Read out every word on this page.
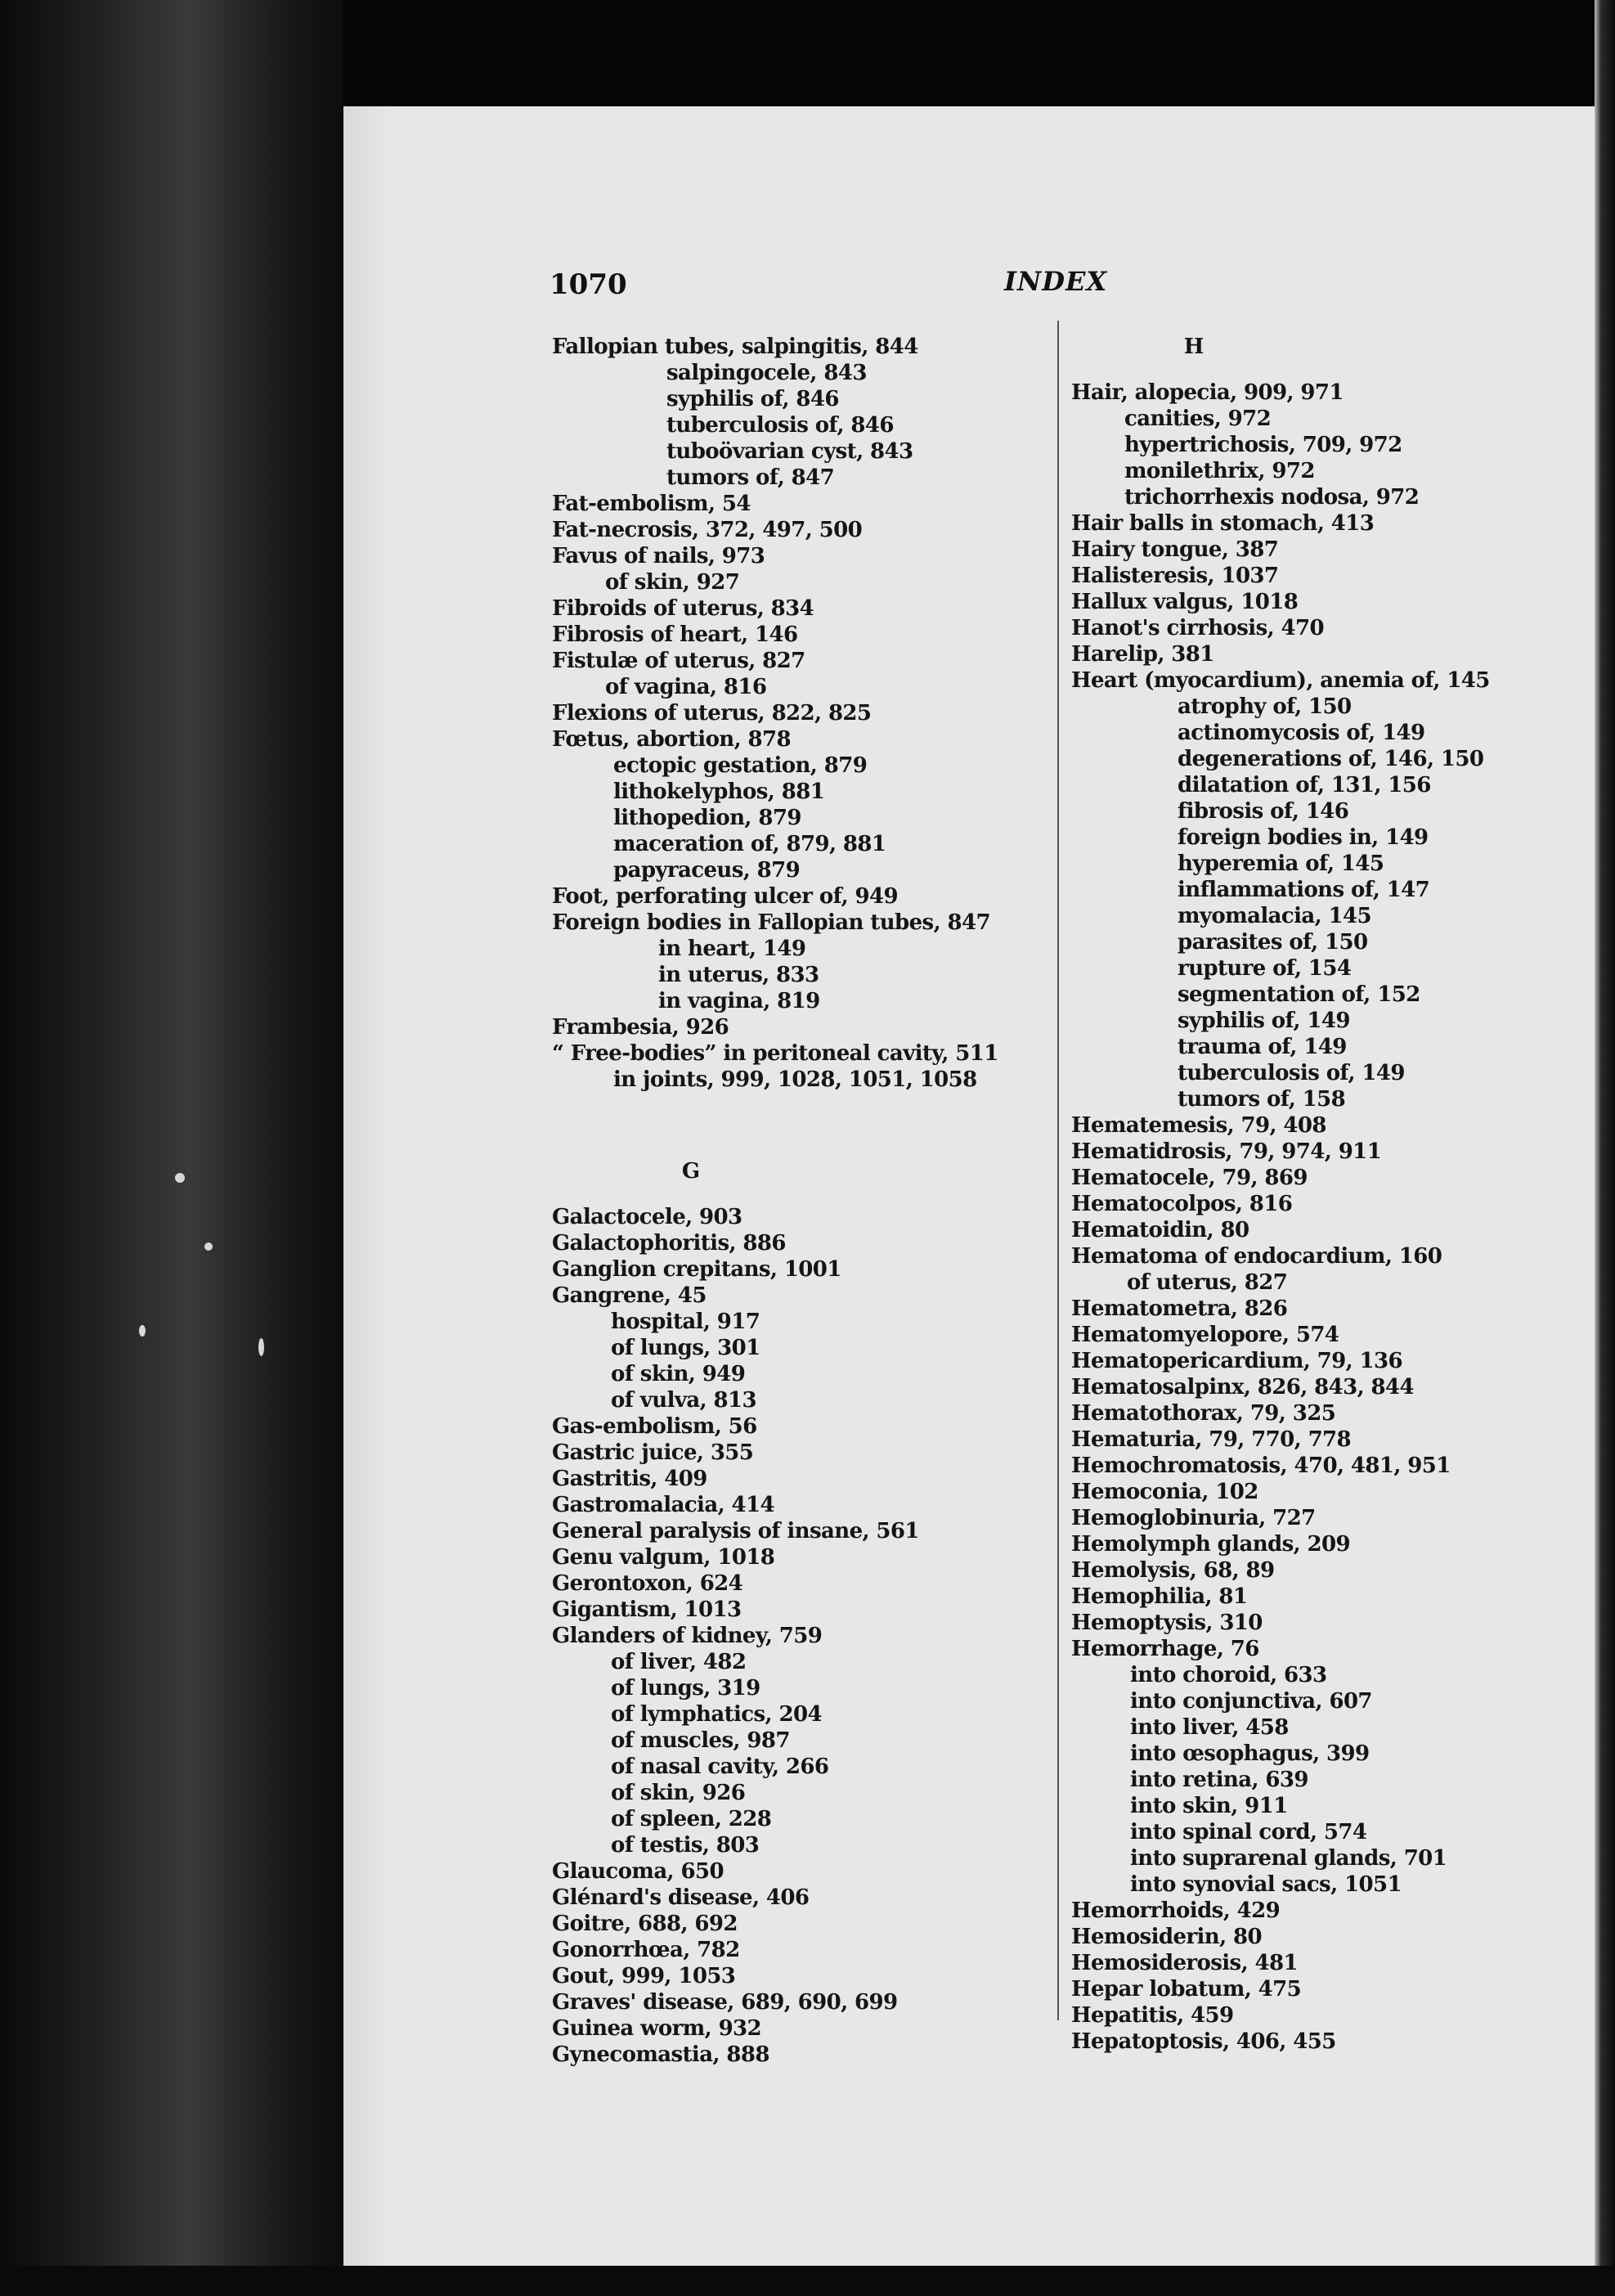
1070	INDEX
Fallopian tubes, salpingitis, 844
salpingocele, 843
syphilis of, 846
tuberculosis of, 846
tuboövarian cyst, 843
tumors of, 847
Fat-embolism, 54
Fat-necrosis, 372, 497, 500
Favus of nails, 973
of skin, 927
Fibroids of uterus, 834
Fibrosis of heart, 146
Fistulæ of uterus, 827
of vagina, 816
Flexions of uterus, 822, 825
Fœtus, abortion, 878
ectopic gestation, 879
lithokelyphos, 881
lithopedion, 879
maceration of, 879, 881
papyraceus, 879
Foot, perforating ulcer of, 949
Foreign bodies in Fallopian tubes, 847
in heart, 149
in uterus, 833
in vagina, 819
Frambesia, 926
“ Free-bodies” in peritoneal cavity, 511
in joints, 999, 1028, 1051, 1058
G
Galactocele, 903
Galactophoritis, 886
Ganglion crepitans, 1001
Gangrene, 45
hospital, 917
of lungs, 301
of skin, 949
of vulva, 813
Gas-embolism, 56
Gastric juice, 355
Gastritis, 409
Gastromalacia, 414
General paralysis of insane, 561
Genu valgum, 1018
Gerontoxon, 624
Gigantism, 1013
Glanders of kidney, 759
of liver, 482
of lungs, 319
of lymphatics, 204
of muscles, 987
of nasal cavity, 266
of skin, 926
of spleen, 228
of testis, 803
Glaucoma, 650
Glénard's disease, 406
Goitre, 688, 692
Gonorrhœa, 782
Gout, 999, 1053
Graves' disease, 689, 690, 699
Guinea worm, 932
Gynecomastia, 888
H
Hair, alopecia, 909, 971
canities, 972
hypertrichosis, 709, 972
monilethrix, 972
trichorrhexis nodosa, 972
Hair balls in stomach, 413
Hairy tongue, 387
Halisteresis, 1037
Hallux valgus, 1018
Hanot's cirrhosis, 470
Harelip, 381
Heart (myocardium), anemia of, 145
atrophy of, 150
actinomycosis of, 149
degenerations of, 146, 150
dilatation of, 131, 156
fibrosis of, 146
foreign bodies in, 149
hyperemia of, 145
inflammations of, 147
myomalacia, 145
parasites of, 150
rupture of, 154
segmentation of, 152
syphilis of, 149
trauma of, 149
tuberculosis of, 149
tumors of, 158
Hematemesis, 79, 408
Hematidrosis, 79, 974, 911
Hematocele, 79, 869
Hematocolpos, 816
Hematoidin, 80
Hematoma of endocardium, 160
of uterus, 827
Hematometra, 826
Hematomyelopore, 574
Hematopericardium, 79, 136
Hematosalpinx, 826, 843, 844
Hematothorax, 79, 325
Hematuria, 79, 770, 778
Hemochromatosis, 470, 481, 951
Hemoconia, 102
Hemoglobinuria, 727
Hemolymph glands, 209
Hemolysis, 68, 89
Hemophilia, 81
Hemoptysis, 310
Hemorrhage, 76
into choroid, 633
into conjunctiva, 607
into liver, 458
into œsophagus, 399
into retina, 639
into skin, 911
into spinal cord, 574
into suprarenal glands, 701
into synovial sacs, 1051
Hemorrhoids, 429
Hemosiderin, 80
Hemosiderosis, 481
Hepar lobatum, 475
Hepatitis, 459
Hepatoptosis, 406, 455
